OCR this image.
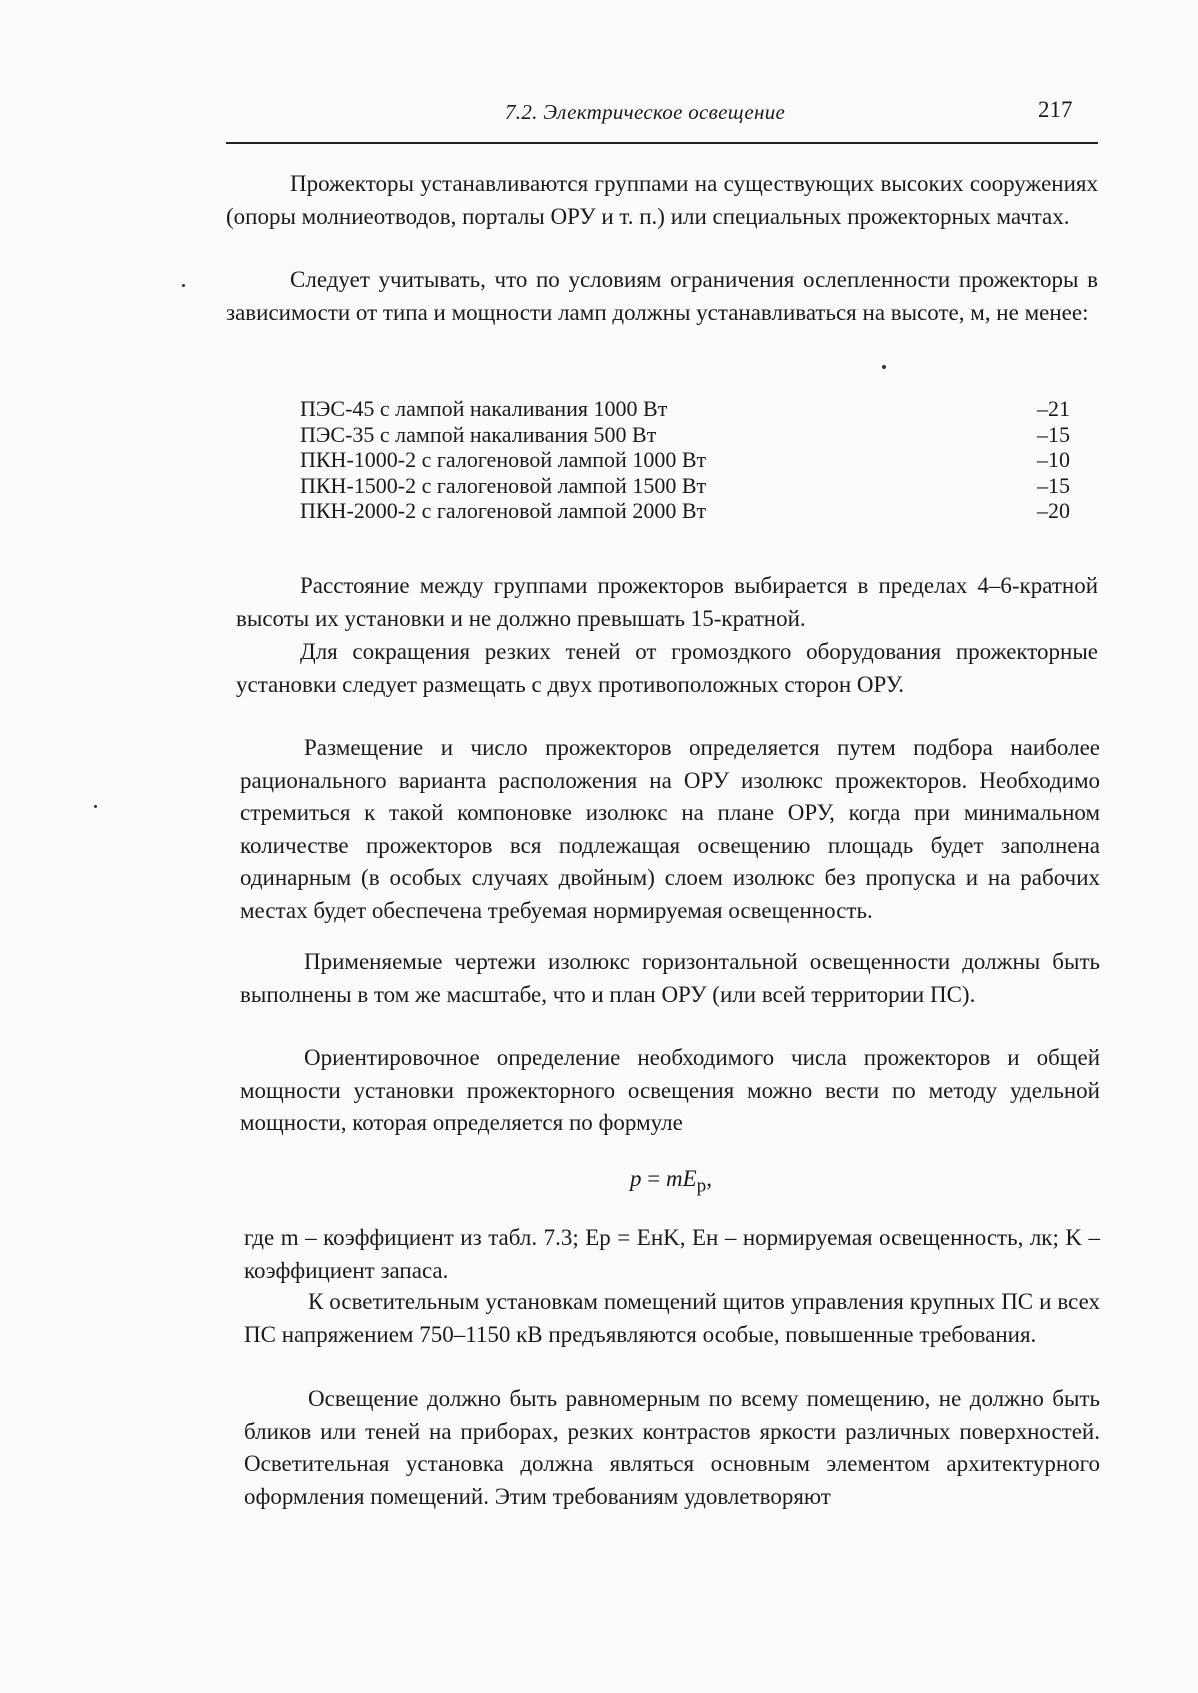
7.2. Электрическое освещение	217

Прожекторы устанавливаются группами на существующих высоких сооружениях (опоры молниеотводов, порталы ОРУ и т. п.) или специальных прожекторных мачтах.

Следует учитывать, что по условиям ограничения ослепленности прожекторы в зависимости от типа и мощности ламп должны устанавливаться на высоте, м, не менее:

ПЭС-45 с лампой накаливания 1000 Вт	–21
ПЭС-35 с лампой накаливания 500 Вт	–15
ПКН-1000-2 с галогеновой лампой 1000 Вт	–10
ПКН-1500-2 с галогеновой лампой 1500 Вт	–15
ПКН-2000-2 с галогеновой лампой 2000 Вт	–20

Расстояние между группами прожекторов выбирается в пределах 4–6-кратной высоты их установки и не должно превышать 15-кратной.

Для сокращения резких теней от громоздкого оборудования прожекторные установки следует размещать с двух противоположных сторон ОРУ.

Размещение и число прожекторов определяется путем подбора наиболее рационального варианта расположения на ОРУ изолюкс прожекторов. Необходимо стремиться к такой компоновке изолюкс на плане ОРУ, когда при минимальном количестве прожекторов вся подлежащая освещению площадь будет заполнена одинарным (в особых случаях двойным) слоем изолюкс без пропуска и на рабочих местах будет обеспечена требуемая нормируемая освещенность.

Применяемые чертежи изолюкс горизонтальной освещенности должны быть выполнены в том же масштабе, что и план ОРУ (или всей территории ПС).

Ориентировочное определение необходимого числа прожекторов и общей мощности установки прожекторного освещения можно вести по методу удельной мощности, которая определяется по формуле

$p = mE_р$,

где m – коэффициент из табл. 7.3; Eр = EнK, Eн – нормируемая освещенность, лк; K – коэффициент запаса.

К осветительным установкам помещений щитов управления крупных ПС и всех ПС напряжением 750–1150 кВ предъявляются особые, повышенные требования.

Освещение должно быть равномерным по всему помещению, не должно быть бликов или теней на приборах, резких контрастов яркости различных поверхностей. Осветительная установка должна являться основным элементом архитектурного оформления помещений. Этим требованиям удовлетворяют
